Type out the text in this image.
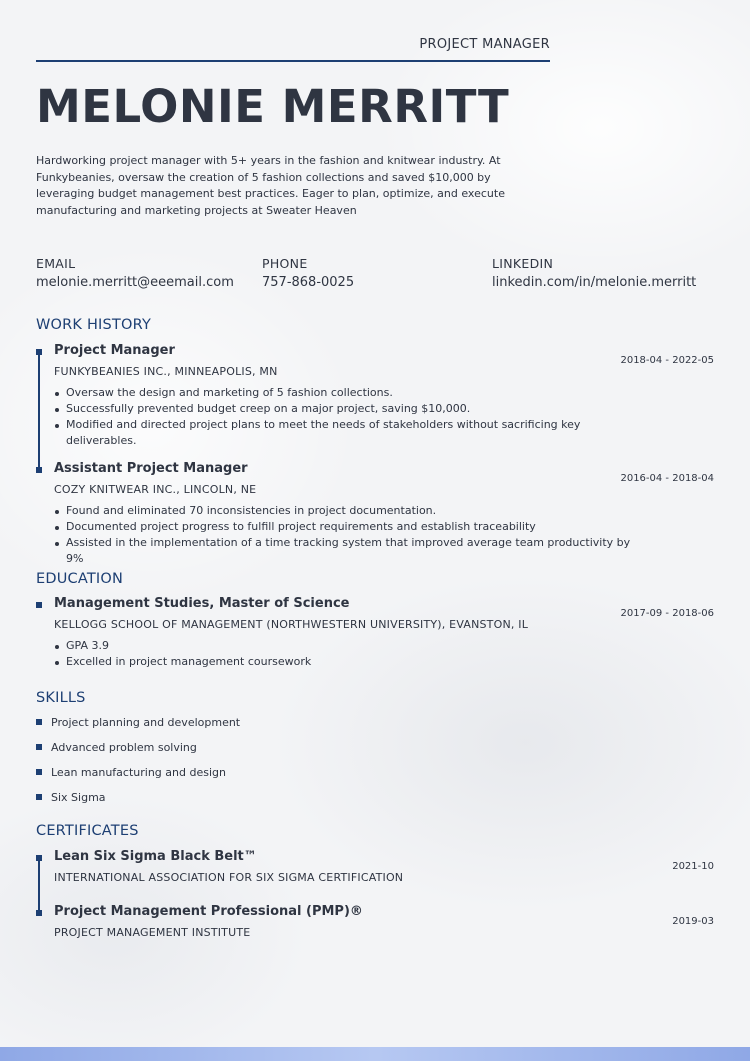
PROJECT MANAGER
MELONIE MERRITT
Hardworking project manager with 5+ years in the fashion and knitwear industry. At Funkybeanies, oversaw the creation of 5 fashion collections and saved $10,000 by leveraging budget management best practices. Eager to plan, optimize, and execute manufacturing and marketing projects at Sweater Heaven
EMAIL
melonie.merritt@eeemail.com
PHONE
757-868-0025
LINKEDIN
linkedin.com/in/melonie.merritt
WORK HISTORY
Project Manager
FUNKYBEANIES INC., MINNEAPOLIS, MN
2018-04 - 2022-05
Oversaw the design and marketing of 5 fashion collections.
Successfully prevented budget creep on a major project, saving $10,000.
Modified and directed project plans to meet the needs of stakeholders without sacrificing key deliverables.
Assistant Project Manager
COZY KNITWEAR INC., LINCOLN, NE
2016-04 - 2018-04
Found and eliminated 70 inconsistencies in project documentation.
Documented project progress to fulfill project requirements and establish traceability
Assisted in the implementation of a time tracking system that improved average team productivity by 9%
EDUCATION
Management Studies, Master of Science
KELLOGG SCHOOL OF MANAGEMENT (NORTHWESTERN UNIVERSITY), EVANSTON, IL
2017-09 - 2018-06
GPA 3.9
Excelled in project management coursework
SKILLS
Project planning and development
Advanced problem solving
Lean manufacturing and design
Six Sigma
CERTIFICATES
Lean Six Sigma Black Belt™
INTERNATIONAL ASSOCIATION FOR SIX SIGMA CERTIFICATION
2021-10
Project Management Professional (PMP)®
PROJECT MANAGEMENT INSTITUTE
2019-03
